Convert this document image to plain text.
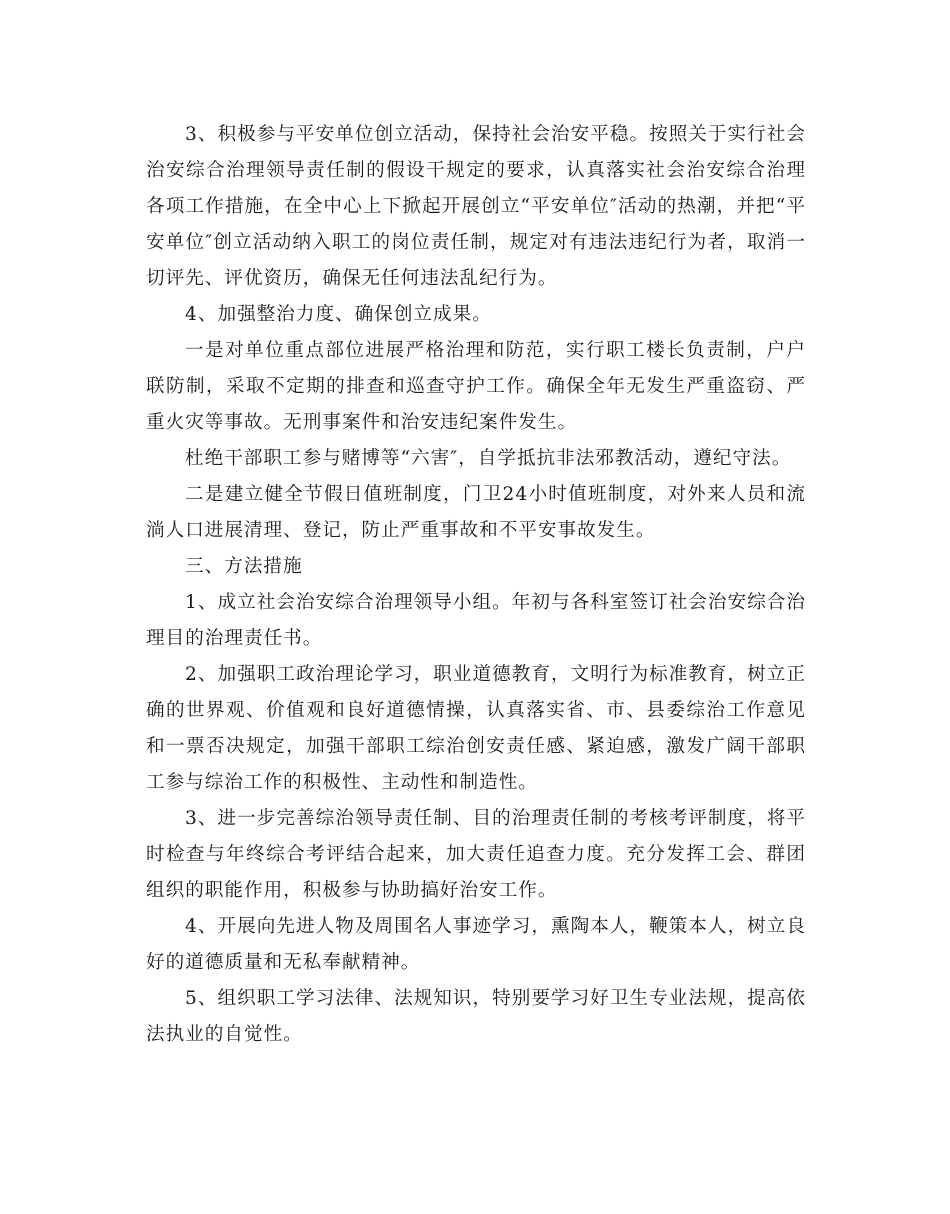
3、积极参与平安单位创立活动，保持社会治安平稳。按照关于实行社会治安综合治理领导责任制的假设干规定的要求，认真落实社会治安综合治理各项工作措施，在全中心上下掀起开展创立“平安单位″活动的热潮，并把“平安单位″创立活动纳入职工的岗位责任制，规定对有违法违纪行为者，取消一切评先、评优资历，确保无任何违法乱纪行为。

4、加强整治力度、确保创立成果。

一是对单位重点部位进展严格治理和防范，实行职工楼长负责制，户户联防制，采取不定期的排查和巡查守护工作。确保全年无发生严重盗窃、严重火灾等事故。无刑事案件和治安违纪案件发生。

杜绝干部职工参与赌博等“六害″，自学抵抗非法邪教活动，遵纪守法。

二是建立健全节假日值班制度，门卫24小时值班制度，对外来人员和流淌人口进展清理、登记，防止严重事故和不平安事故发生。

三、方法措施

1、成立社会治安综合治理领导小组。年初与各科室签订社会治安综合治理目的治理责任书。

2、加强职工政治理论学习，职业道德教育，文明行为标准教育，树立正确的世界观、价值观和良好道德情操，认真落实省、市、县委综治工作意见和一票否决规定，加强干部职工综治创安责任感、紧迫感，激发广阔干部职工参与综治工作的积极性、主动性和制造性。

3、进一步完善综治领导责任制、目的治理责任制的考核考评制度，将平时检查与年终综合考评结合起来，加大责任追查力度。充分发挥工会、群团组织的职能作用，积极参与协助搞好治安工作。

4、开展向先进人物及周围名人事迹学习，熏陶本人，鞭策本人，树立良好的道德质量和无私奉献精神。

5、组织职工学习法律、法规知识，特别要学习好卫生专业法规，提高依法执业的自觉性。
